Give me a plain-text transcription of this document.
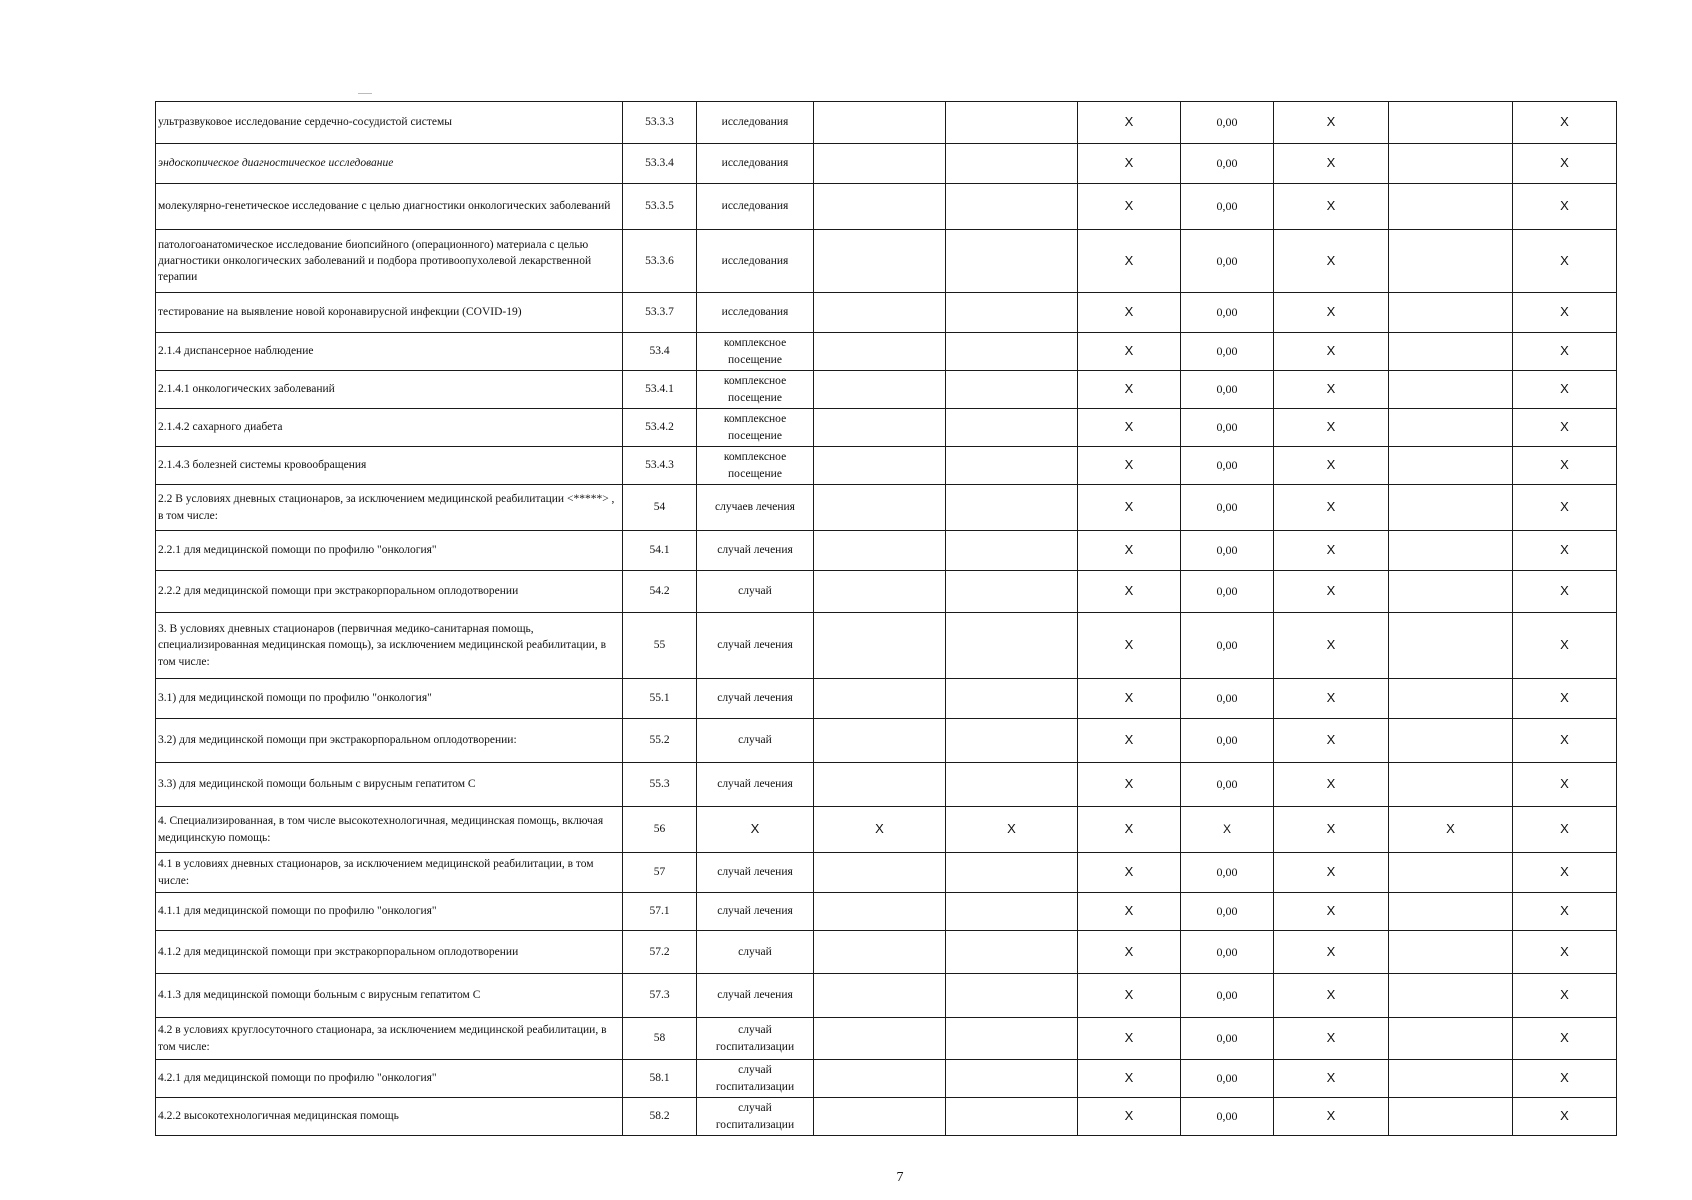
ультразвуковое исследование сердечно-сосудистой системы	53.3.3	исследования			X	0,00	X		X
эндоскопическое диагностическое исследование	53.3.4	исследования			X	0,00	X		X
молекулярно-генетическое исследование с целью диагностики онкологических заболеваний	53.3.5	исследования			X	0,00	X		X
патологоанатомическое исследование биопсийного (операционного) материала с целью диагностики онкологических заболеваний и подбора противоопухолевой лекарственной терапии	53.3.6	исследования			X	0,00	X		X
тестирование на выявление новой коронавирусной инфекции (COVID-19)	53.3.7	исследования			X	0,00	X		X
2.1.4 диспансерное наблюдение	53.4	комплексное посещение			X	0,00	X		X
2.1.4.1 онкологических заболеваний	53.4.1	комплексное посещение			X	0,00	X		X
2.1.4.2 сахарного диабета	53.4.2	комплексное посещение			X	0,00	X		X
2.1.4.3 болезней системы кровообращения	53.4.3	комплексное посещение			X	0,00	X		X
2.2 В условиях дневных стационаров, за исключением медицинской реабилитации <*****> , в том числе:	54	случаев лечения			X	0,00	X		X
2.2.1 для медицинской помощи по профилю "онкология"	54.1	случай лечения			X	0,00	X		X
2.2.2 для медицинской помощи при экстракорпоральном оплодотворении	54.2	случай			X	0,00	X		X
3. В условиях дневных стационаров (первичная медико-санитарная помощь, специализированная медицинская помощь), за исключением медицинской реабилитации, в том числе:	55	случай лечения			X	0,00	X		X
3.1) для медицинской помощи по профилю "онкология"	55.1	случай лечения			X	0,00	X		X
3.2) для медицинской помощи при экстракорпоральном оплодотворении:	55.2	случай			X	0,00	X		X
3.3) для медицинской помощи больным с вирусным гепатитом С	55.3	случай лечения			X	0,00	X		X
4. Специализированная, в том числе высокотехнологичная, медицинская помощь, включая медицинскую помощь:	56	X	X	X	X	X	X	X	X
4.1 в условиях дневных стационаров, за исключением медицинской реабилитации, в том числе:	57	случай лечения			X	0,00	X		X
4.1.1 для медицинской помощи по профилю "онкология"	57.1	случай лечения			X	0,00	X		X
4.1.2 для медицинской помощи при экстракорпоральном оплодотворении	57.2	случай			X	0,00	X		X
4.1.3 для медицинской помощи больным с вирусным гепатитом С	57.3	случай лечения			X	0,00	X		X
4.2 в условиях круглосуточного стационара, за исключением медицинской реабилитации, в том числе:	58	случай госпитализации			X	0,00	X		X
4.2.1 для медицинской помощи по профилю "онкология"	58.1	случай госпитализации			X	0,00	X		X
4.2.2 высокотехнологичная медицинская помощь	58.2	случай госпитализации			X	0,00	X		X
7
